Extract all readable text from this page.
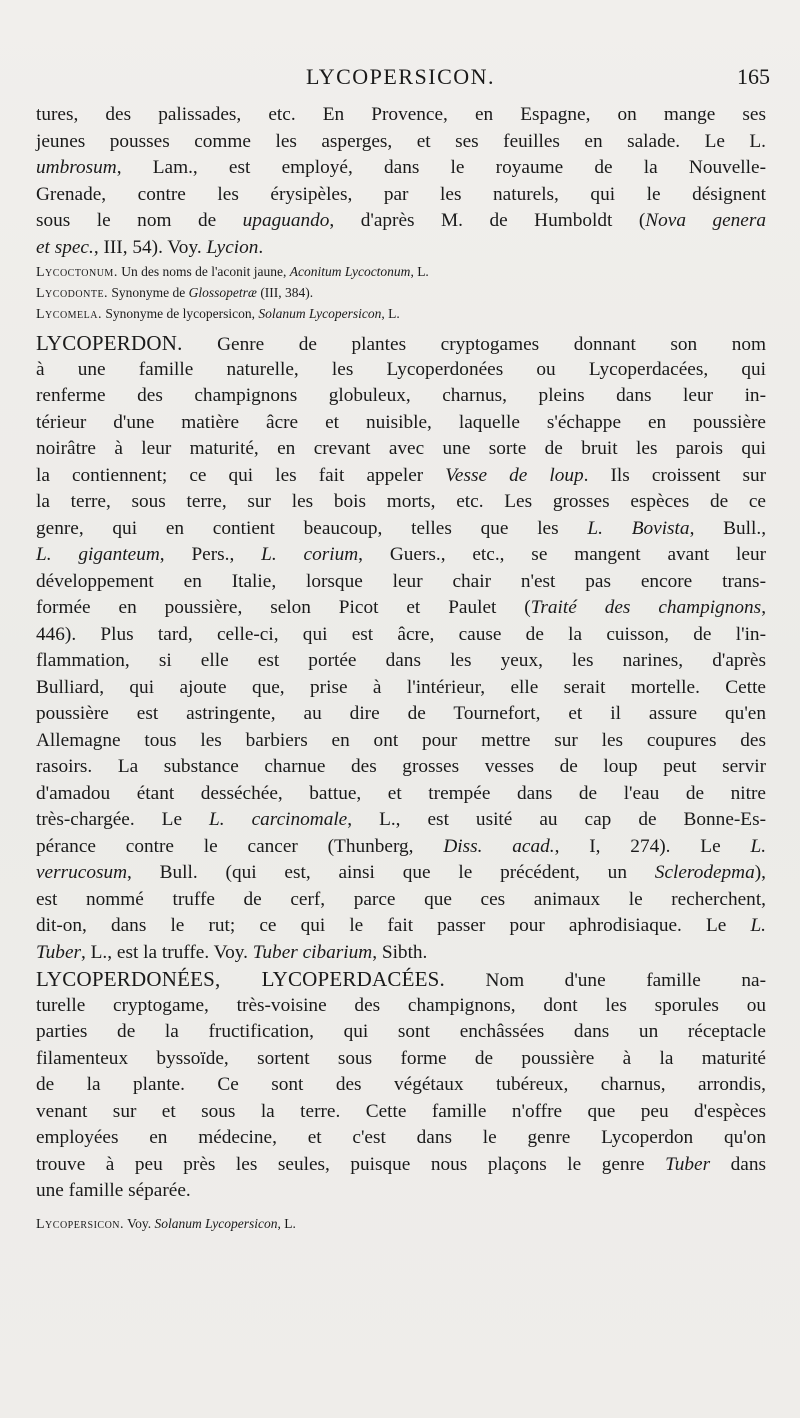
LYCOPERSICON.	165
tures, des palissades, etc. En Provence, en Espagne, on mange ses
jeunes pousses comme les asperges, et ses feuilles en salade. Le L.
umbrosum, Lam., est employé, dans le royaume de la Nouvelle-
Grenade, contre les érysipèles, par les naturels, qui le désignent
sous le nom de upaguando, d'après M. de Humboldt (Nova genera
et spec., III, 54). Voy. Lycion.
Lycoctonum. Un des noms de l'aconit jaune, Aconitum Lycoctonum, L.
Lycodonte. Synonyme de Glossopetræ (III, 384).
Lycomela. Synonyme de lycopersicon, Solanum Lycopersicon, L.
LYCOPERDON. Genre de plantes cryptogames donnant son nom
à une famille naturelle, les Lycoperdonées ou Lycoperdacées, qui
renferme des champignons globuleux, charnus, pleins dans leur in-
térieur d'une matière âcre et nuisible, laquelle s'échappe en poussière
noirâtre à leur maturité, en crevant avec une sorte de bruit les parois qui
la contiennent; ce qui les fait appeler Vesse de loup. Ils croissent sur
la terre, sous terre, sur les bois morts, etc. Les grosses espèces de ce
genre, qui en contient beaucoup, telles que les L. Bovista, Bull.,
L. giganteum, Pers., L. corium, Guers., etc., se mangent avant leur
développement en Italie, lorsque leur chair n'est pas encore trans-
formée en poussière, selon Picot et Paulet (Traité des champignons,
446). Plus tard, celle-ci, qui est âcre, cause de la cuisson, de l'in-
flammation, si elle est portée dans les yeux, les narines, d'après
Bulliard, qui ajoute que, prise à l'intérieur, elle serait mortelle. Cette
poussière est astringente, au dire de Tournefort, et il assure qu'en
Allemagne tous les barbiers en ont pour mettre sur les coupures des
rasoirs. La substance charnue des grosses vesses de loup peut servir
d'amadou étant desséchée, battue, et trempée dans de l'eau de nitre
très-chargée. Le L. carcinomale, L., est usité au cap de Bonne-Es-
pérance contre le cancer (Thunberg, Diss. acad., I, 274). Le L.
verrucosum, Bull. (qui est, ainsi que le précédent, un Sclerodерma),
est nommé truffe de cerf, parce que ces animaux le recherchent,
dit-on, dans le rut; ce qui le fait passer pour aphrodisiaque. Le L.
Tuber, L., est la truffe. Voy. Tuber cibarium, Sibth.
LYCOPERDONÉES, LYCOPERDACÉES. Nom d'une famille na-
turelle cryptogame, très-voisine des champignons, dont les sporules ou
parties de la fructification, qui sont enchâssées dans un réceptacle
filamenteux byssoïde, sortent sous forme de poussière à la maturité
de la plante. Ce sont des végétaux tubéreux, charnus, arrondis,
venant sur et sous la terre. Cette famille n'offre que peu d'espèces
employées en médecine, et c'est dans le genre Lycoperdon qu'on
trouve à peu près les seules, puisque nous plaçons le genre Tuber dans
une famille séparée.
Lycopersicon. Voy. Solanum Lycopersicon, L.
